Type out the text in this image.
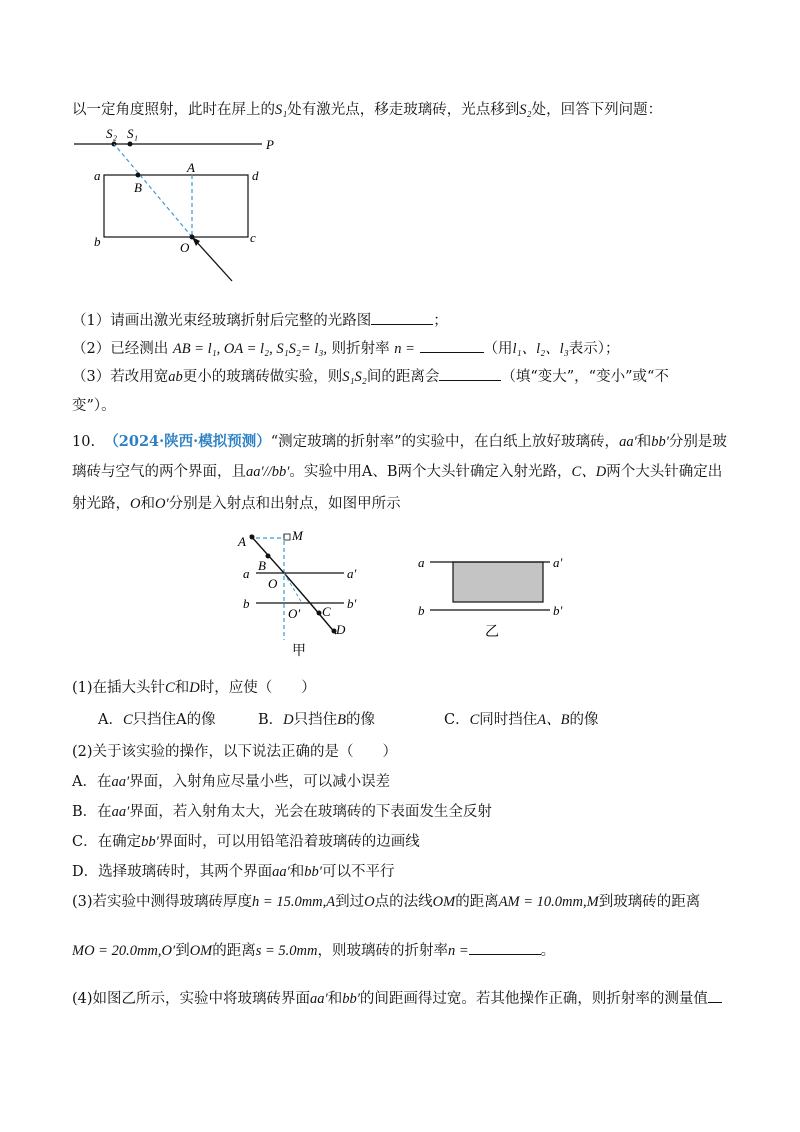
以一定角度照射，此时在屏上的S₁处有激光点，移走玻璃砖，光点移到S₂处，回答下列问题：
S₂ S₁
P
a	d
b	c
A
B
O
（1）请画出激光束经玻璃折射后完整的光路图	；
（2）已经测出 AB = l₁, OA = l₂, S₁S₂= l₃, 则折射率 n =	（用l₁、l₂、l₃表示）；
（3）若改用宽ab更小的玻璃砖做实验，则S₁S₂间的距离会	（填“变大”，“变小”或“不
变”）。
10. （2024·陕西·模拟预测）“测定玻璃的折射率”的实验中，在白纸上放好玻璃砖，aa′和bb′分别是玻
璃砖与空气的两个界面，且aa′//bb′。实验中用A、B两个大头针确定入射光路，C、D两个大头针确定出
射光路，O和O′分别是入射点和出射点，如图甲所示
a	a′
b	b′
M
A
B
O
O′ C
D
甲
a	a′
b	b′
乙
(1)在插大头针C和D时，应使（　　）
A．C只挡住A的像	B．D只挡住B的像	C．C同时挡住A、B的像
(2)关于该实验的操作，以下说法正确的是（　　）
A．在aa′界面，入射角应尽量小些，可以减小误差
B．在aa′界面，若入射角太大，光会在玻璃砖的下表面发生全反射
C．在确定bb′界面时，可以用铅笔沿着玻璃砖的边画线
D．选择玻璃砖时，其两个界面aa′和bb′可以不平行
(3)若实验中测得玻璃砖厚度h = 15.0mm,A到过O点的法线OM的距离AM = 10.0mm,M到玻璃砖的距离
MO = 20.0mm,O′到OM的距离s = 5.0mm，则玻璃砖的折射率n =	。
(4)如图乙所示，实验中将玻璃砖界面aa′和bb′的间距画得过宽。若其他操作正确，则折射率的测量值
